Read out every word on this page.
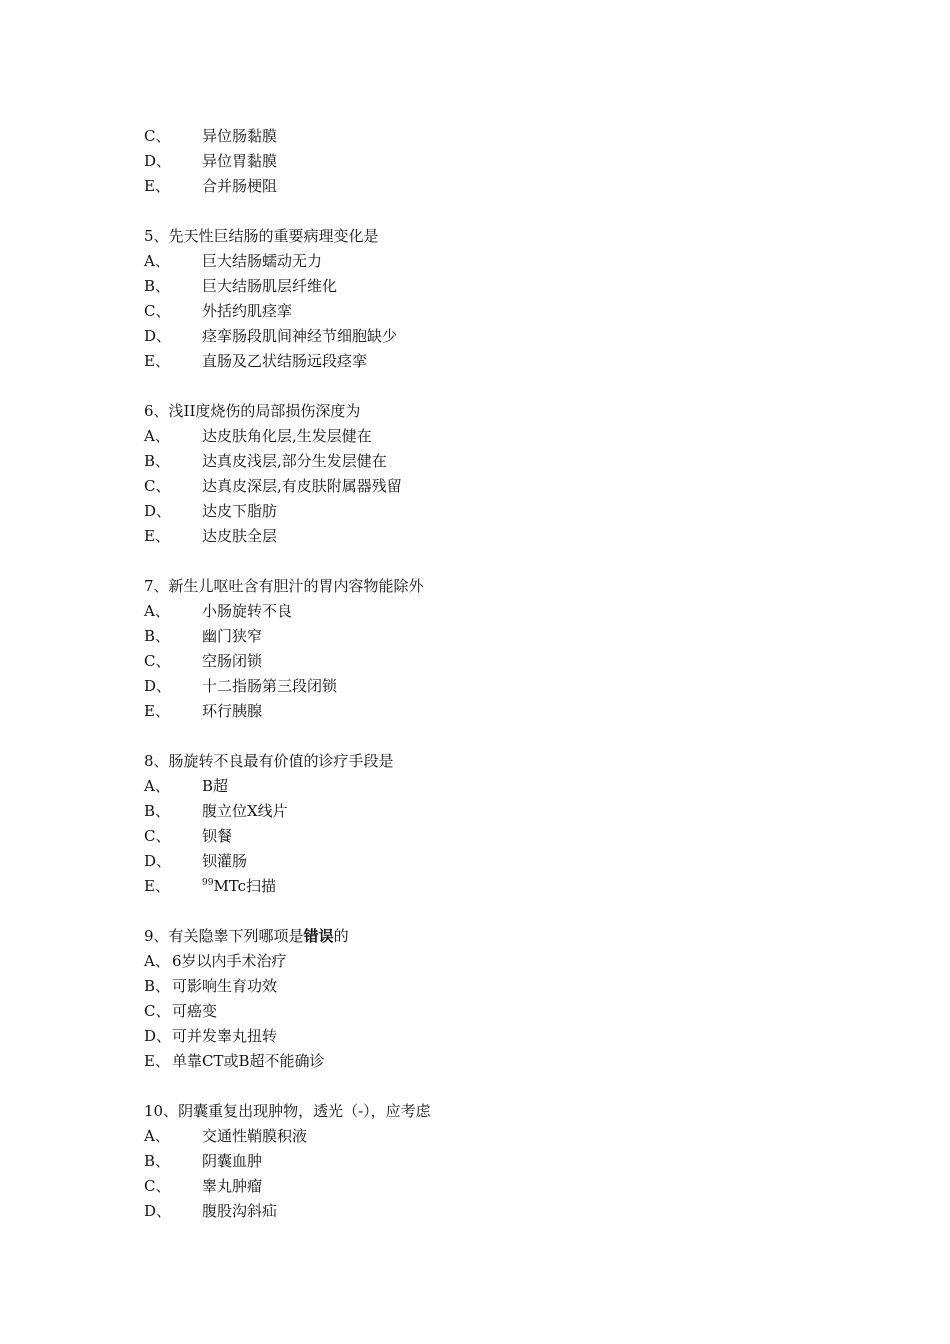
C、	异位肠黏膜
D、	异位胃黏膜
E、	合并肠梗阻
5、先天性巨结肠的重要病理变化是
A、	巨大结肠蠕动无力
B、	巨大结肠肌层纤维化
C、	外括约肌痉挛
D、	痉挛肠段肌间神经节细胞缺少
E、	直肠及乙状结肠远段痉挛
6、浅II度烧伤的局部损伤深度为
A、	达皮肤角化层,生发层健在
B、	达真皮浅层,部分生发层健在
C、	达真皮深层,有皮肤附属器残留
D、	达皮下脂肪
E、	达皮肤全层
7、新生儿呕吐含有胆汁的胃内容物能除外
A、	小肠旋转不良
B、	幽门狭窄
C、	空肠闭锁
D、	十二指肠第三段闭锁
E、	环行胰腺
8、肠旋转不良最有价值的诊疗手段是
A、	B超
B、	腹立位X线片
C、	钡餐
D、	钡灌肠
E、	$^{99}$MTc扫描
9、有关隐睾下列哪项是错误的
A、 6岁以内手术治疗
B、 可影响生育功效
C、 可癌变
D、 可并发睾丸扭转
E、 单靠CT或B超不能确诊
10、阴囊重复出现肿物，透光（-），应考虑
A、	交通性鞘膜积液
B、	阴囊血肿
C、	睾丸肿瘤
D、	腹股沟斜疝
